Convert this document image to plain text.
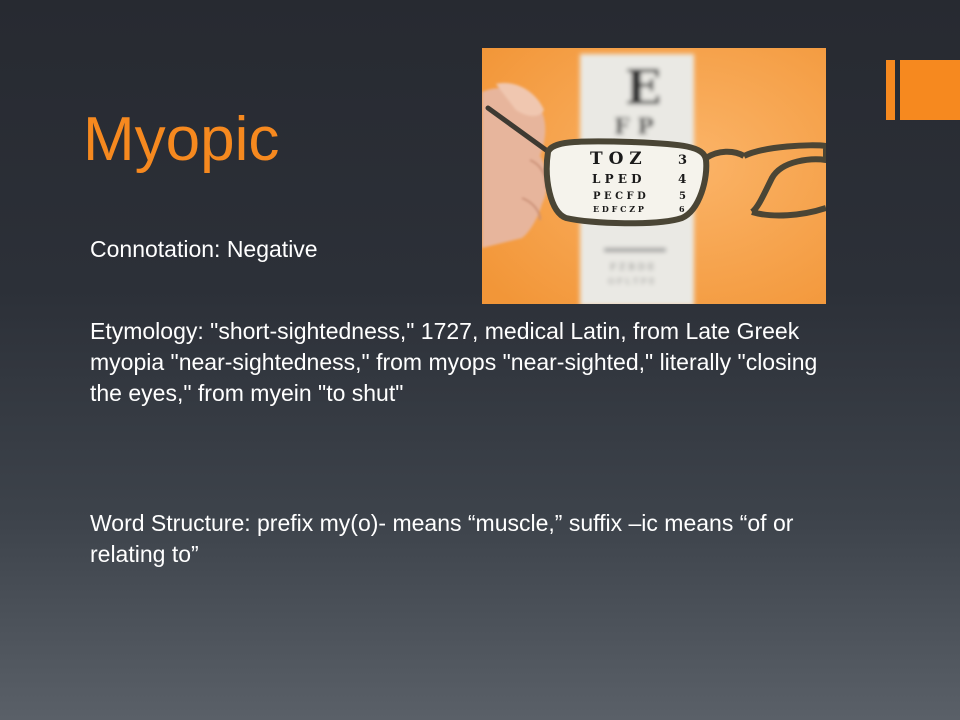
Myopic

Connotation: Negative

Etymology: "short-sightedness," 1727, medical Latin, from Late Greek myopia "near-sightedness," from myops "near-sighted," literally "closing the eyes," from myein "to shut"

Word Structure: prefix my(o)- means “muscle,” suffix –ic means “of or relating to”

E
F P
F Z B D E
O F L T P E
T O Z	3
L P E D	4
P E C F D	5
E D F C Z P	6
